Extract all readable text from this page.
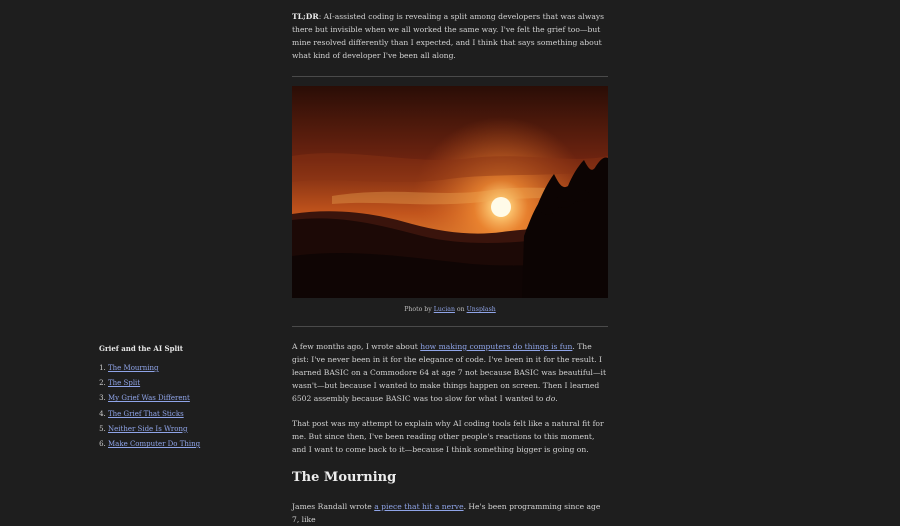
Grief and the AI Split
1. The Mourning
2. The Split
3. My Grief Was Different
4. The Grief That Sticks
5. Neither Side Is Wrong
6. Make Computer Do Thing

TL;DR: AI-assisted coding is revealing a split among developers that was always there but invisible when we all worked the same way. I've felt the grief too—but mine resolved differently than I expected, and I think that says something about what kind of developer I've been all along.

Photo by Lucian on Unsplash

A few months ago, I wrote about how making computers do things is fun. The gist: I've never been in it for the elegance of code. I've been in it for the result. I learned BASIC on a Commodore 64 at age 7 not because BASIC was beautiful—it wasn't—but because I wanted to make things happen on screen. Then I learned 6502 assembly because BASIC was too slow for what I wanted to do.

That post was my attempt to explain why AI coding tools felt like a natural fit for me. But since then, I've been reading other people's reactions to this moment, and I want to come back to it—because I think something bigger is going on.

The Mourning

James Randall wrote a piece that hit a nerve. He's been programming since age 7, like
